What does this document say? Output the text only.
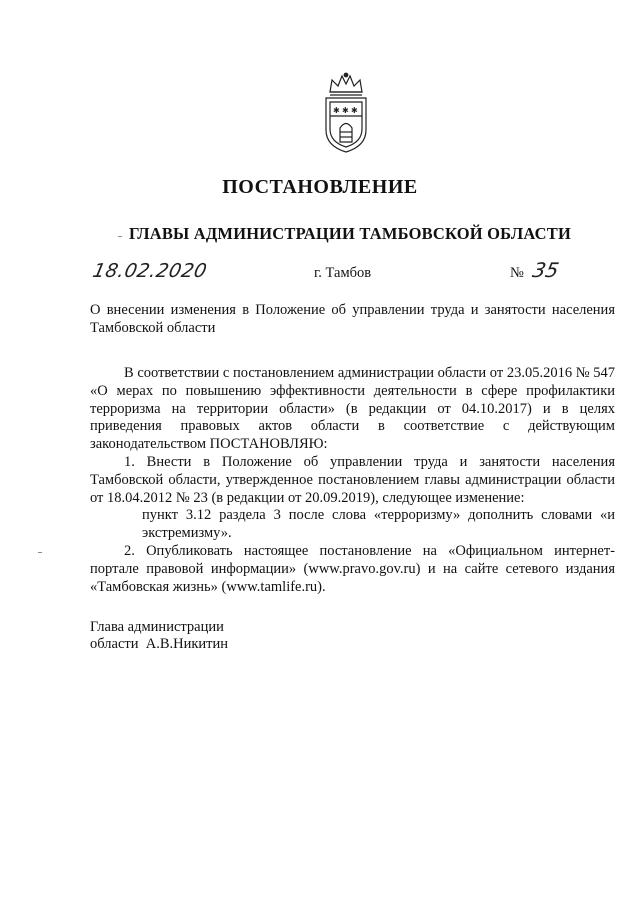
✱ ✱ ✱
ПОСТАНОВЛЕНИЕ
ГЛАВЫ АДМИНИСТРАЦИИ ТАМБОВСКОЙ ОБЛАСТИ
18.02.2020	г. Тамбов	№ 35
О внесении изменения в Положение об управлении труда и занятости населения Тамбовской области

В соответствии с постановлением администрации области от 23.05.2016 № 547 «О мерах по повышению эффективности деятельности в сфере профилактики терроризма на территории области» (в редакции от 04.10.2017) и в целях приведения правовых актов области в соответствие с действующим законодательством ПОСТАНОВЛЯЮ:

1. Внести в Положение об управлении труда и занятости населения Тамбовской области, утвержденное постановлением главы администрации области от 18.04.2012 № 23 (в редакции от 20.09.2019), следующее изменение:

пункт 3.12 раздела 3 после слова «терроризму» дополнить словами «и экстремизму».

2. Опубликовать настоящее постановление на «Официальном интернет-портале правовой информации» (www.pravo.gov.ru) и на сайте сетевого издания «Тамбовская жизнь» (www.tamlife.ru).

Глава администрации
области А.В.Никитин
